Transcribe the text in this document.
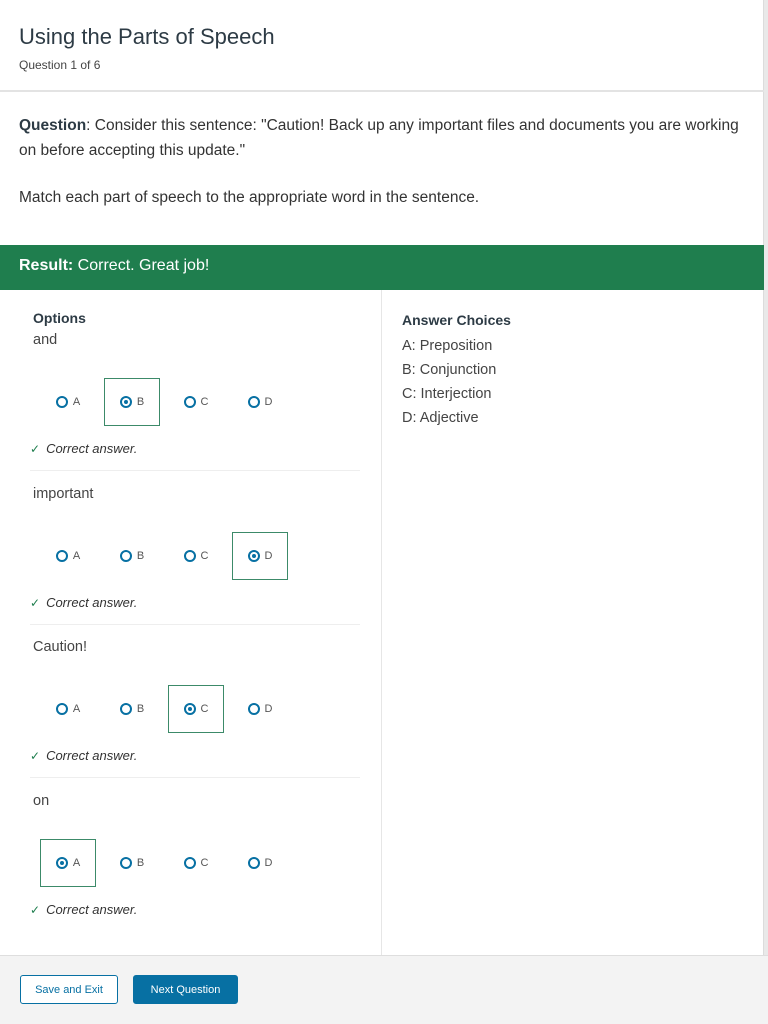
Using the Parts of Speech
Question 1 of 6
Question: Consider this sentence: "Caution! Back up any important files and documents you are working on before accepting this update."
Match each part of speech to the appropriate word in the sentence.
Result: Correct. Great job!
Options
and
A	B	C	D
✓ Correct answer.
important
A	B	C	D
✓ Correct answer.
Caution!
A	B	C	D
✓ Correct answer.
on
A	B	C	D
✓ Correct answer.
Answer Choices
A: Preposition
B: Conjunction
C: Interjection
D: Adjective
Save and Exit	Next Question
